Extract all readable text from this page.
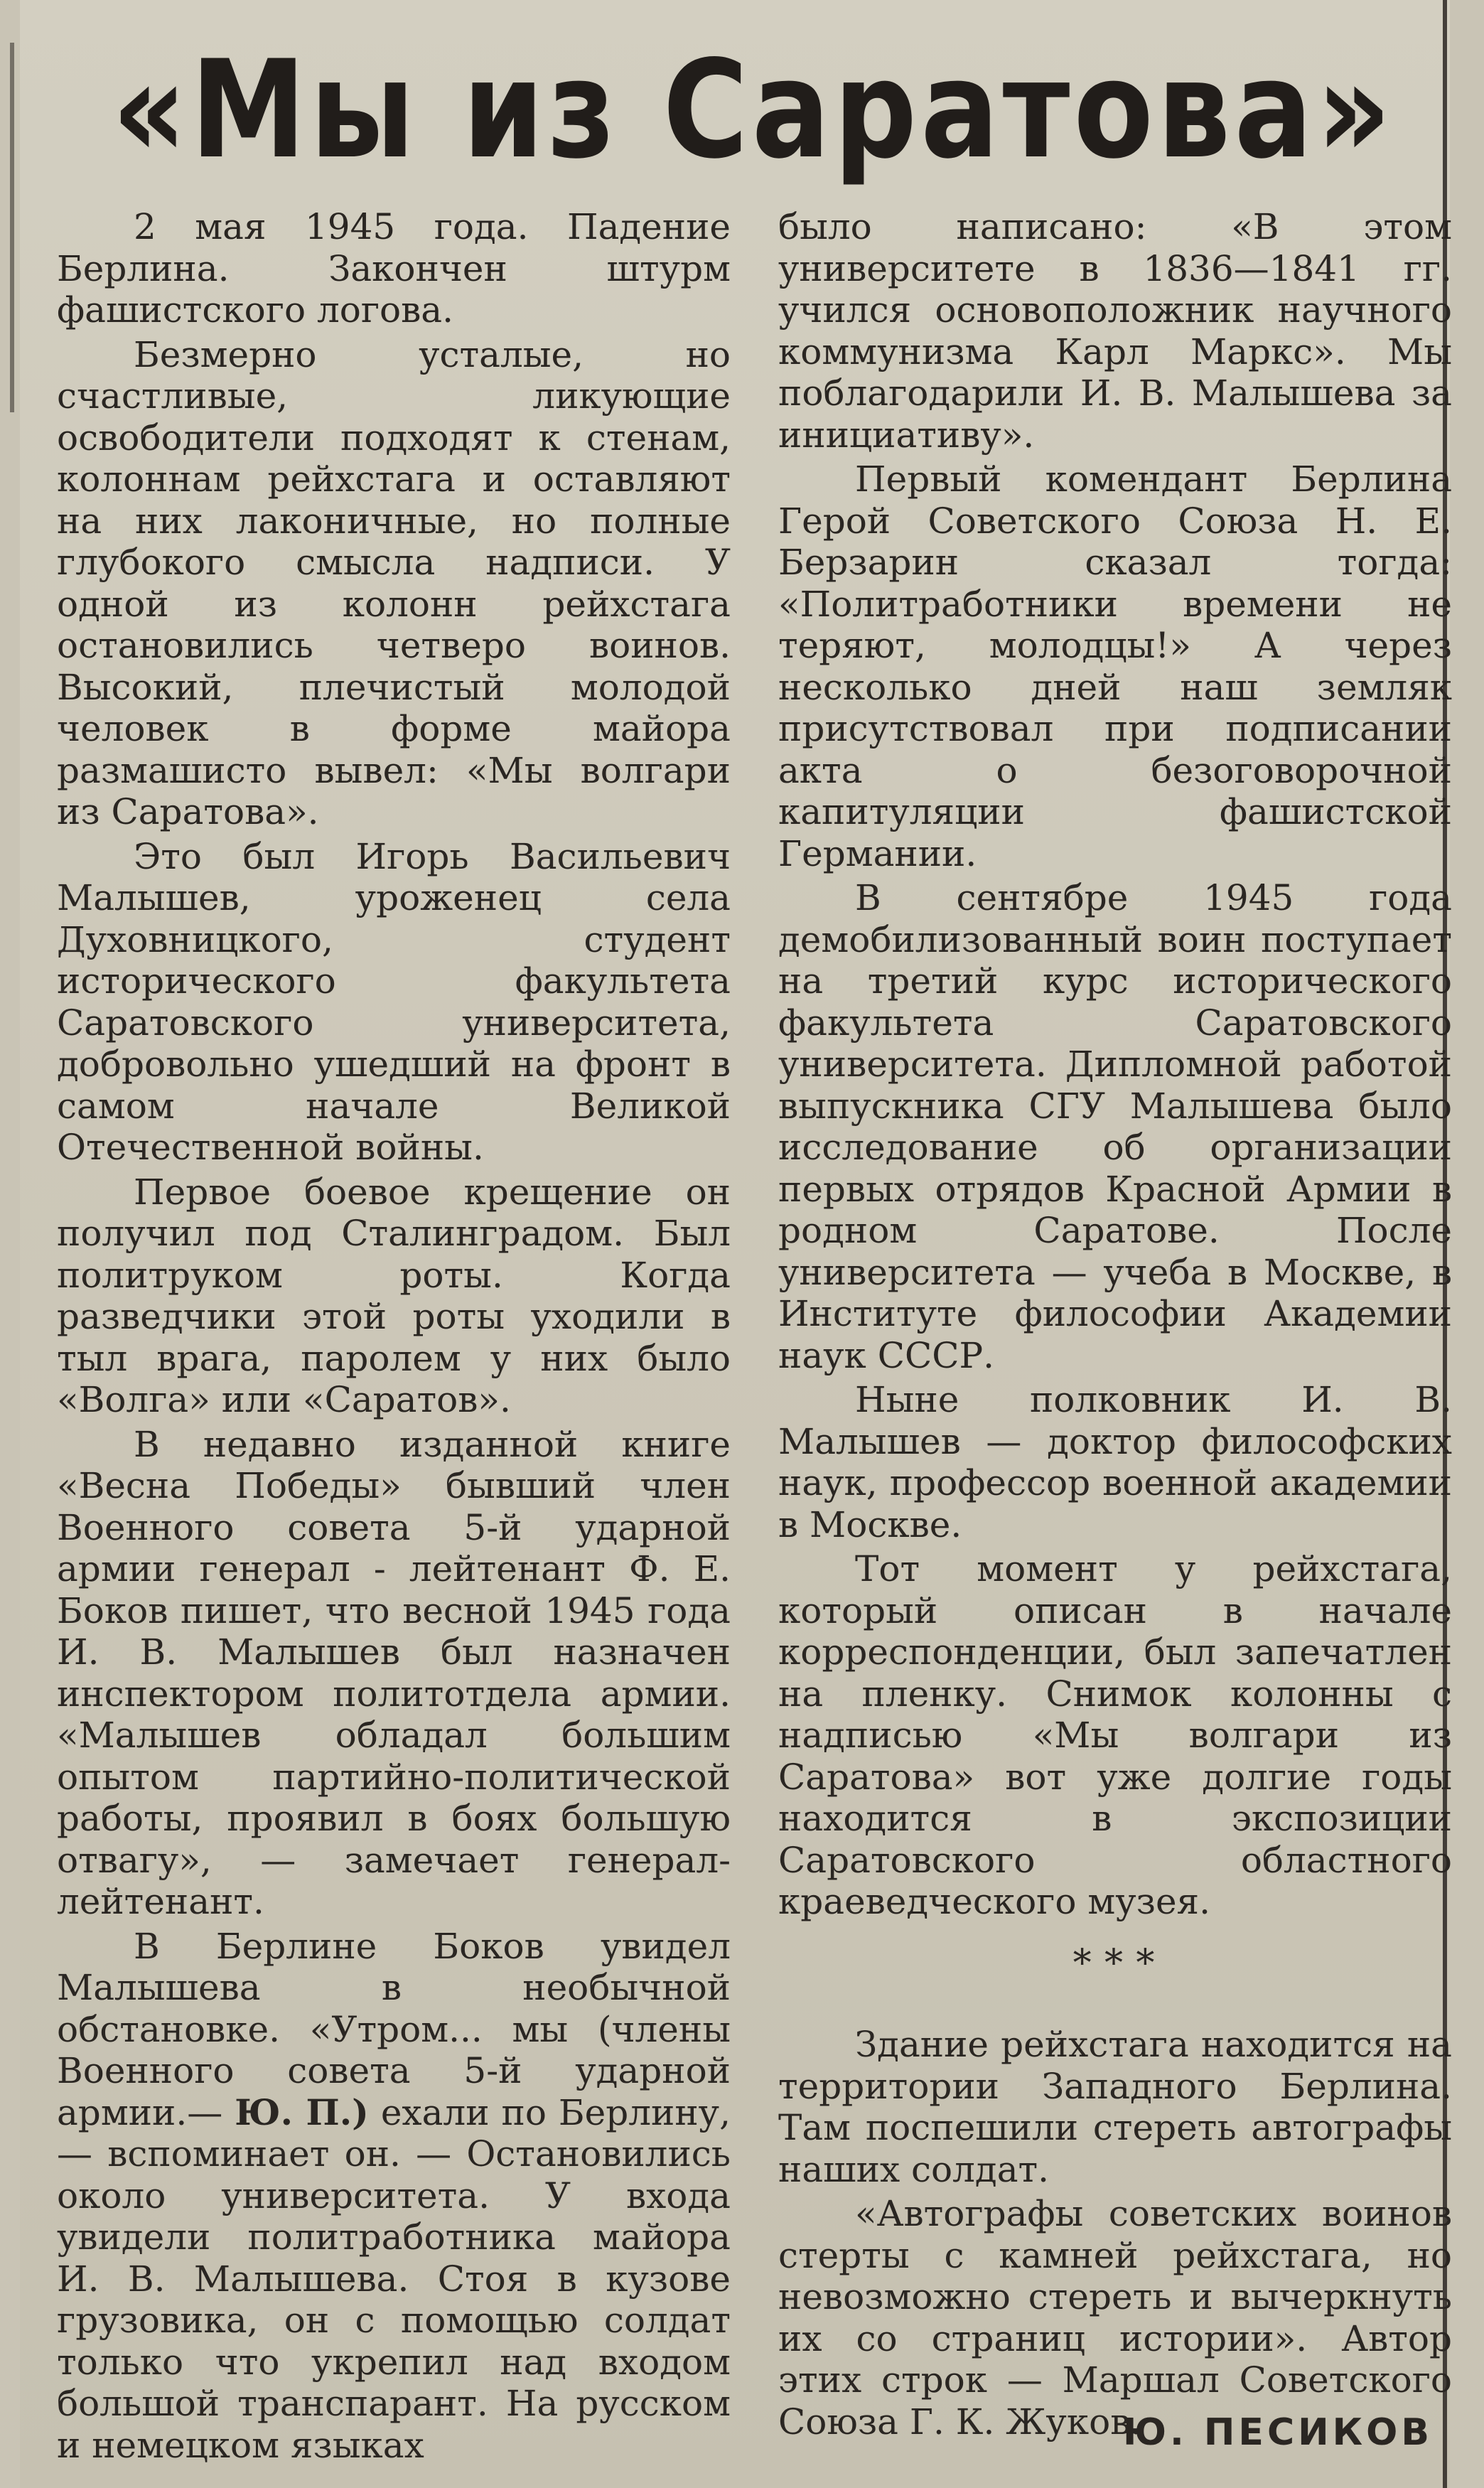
«Мы из Саратова»

2 мая 1945 года. Падение Берлина. Закончен штурм фашистского логова.

Безмерно усталые, но счастливые, ликующие освободители подходят к стенам, колоннам рейхстага и оставляют на них лаконичные, но полные глубокого смысла надписи. У одной из колонн рейхстага остановились четверо воинов. Высокий, плечистый молодой человек в форме майора размашисто вывел: «Мы волгари из Саратова».

Это был Игорь Васильевич Малышев, уроженец села Духовницкого, студент исторического факультета Саратовского университета, добровольно ушедший на фронт в самом начале Великой Отечественной войны.

Первое боевое крещение он получил под Сталинградом. Был политруком роты. Когда разведчики этой роты уходили в тыл врага, паролем у них было «Волга» или «Саратов».

В недавно изданной книге «Весна Победы» бывший член Военного совета 5-й ударной армии генерал - лейтенант Ф. Е. Боков пишет, что весной 1945 года И. В. Малышев был назначен инспектором политотдела армии. «Малышев обладал большим опытом партийно-политической работы, проявил в боях большую отвагу», — замечает генерал-лейтенант.

В Берлине Боков увидел Малышева в необычной обстановке. «Утром... мы (члены Военного совета 5-й ударной армии.— Ю. П.) ехали по Берлину, — вспоминает он. — Остановились около университета. У входа увидели политработника майора И. В. Малышева. Стоя в кузове грузовика, он с помощью солдат только что укрепил над входом большой транспарант. На русском и немецком языках

было написано: «В этом университете в 1836—1841 гг. учился основоположник научного коммунизма Карл Маркс». Мы поблагодарили И. В. Малышева за инициативу».

Первый комендант Берлина Герой Советского Союза Н. Е. Берзарин сказал тогда: «Политработники времени не теряют, молодцы!» А через несколько дней наш земляк присутствовал при подписании акта о безоговорочной капитуляции фашистской Германии.

В сентябре 1945 года демобилизованный воин поступает на третий курс исторического факультета Саратовского университета. Дипломной работой выпускника СГУ Малышева было исследование об организации первых отрядов Красной Армии в родном Саратове. После университета — учеба в Москве, в Институте философии Академии наук СССР.

Ныне полковник И. В. Малышев — доктор философских наук, профессор военной академии в Москве.

Тот момент у рейхстага, который описан в начале корреспонденции, был запечатлен на пленку. Снимок колонны с надписью «Мы волгари из Саратова» вот уже долгие годы находится в экспозиции Саратовского областного краеведческого музея.

* * *

Здание рейхстага находится на территории Западного Берлина. Там поспешили стереть автографы наших солдат.

«Автографы советских воинов стерты с камней рейхстага, но невозможно стереть и вычеркнуть их со страниц истории». Автор этих строк — Маршал Советского Союза Г. К. Жуков.

Ю. ПЕСИКОВ
